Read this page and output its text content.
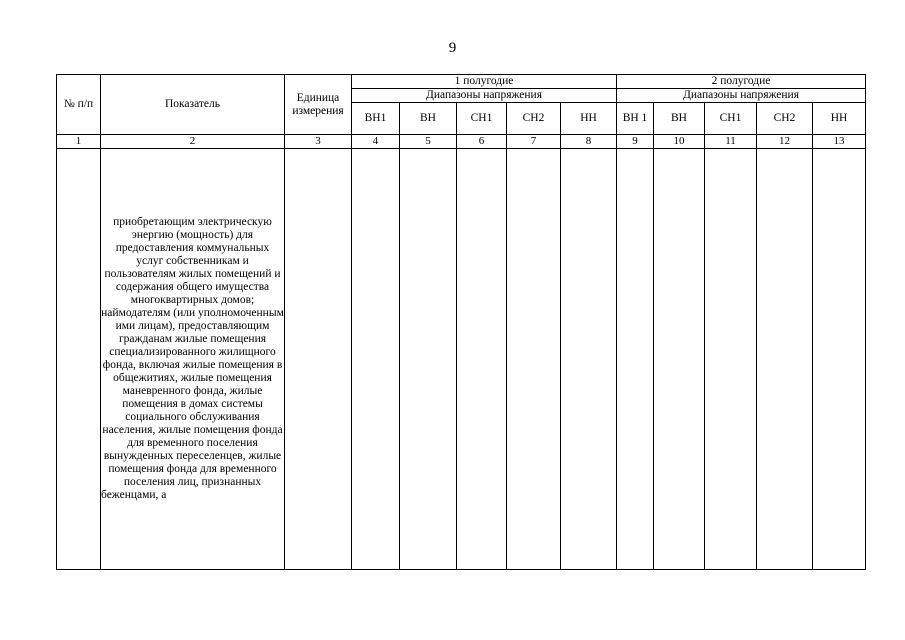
9
№ п/п	Показатель	Единица измерения	1 полугодие					2 полугодие				
			Диапазоны напряжения					Диапазоны напряжения				
			ВН1	ВН	СН1	СН2	НН	ВН 1	ВН	СН1	СН2	НН
1	2	3	4	5	6	7	8	9	10	11	12	13
	приобретающим электрическую энергию (мощность) для предоставления коммунальных услуг собственникам и пользователям жилых помещений и содержания общего имущества многоквартирных домов; наймодателям (или уполномоченным ими лицам), предоставляющим гражданам жилые помещения специализированного жилищного фонда, включая жилые помещения в общежитиях, жилые помещения маневренного фонда, жилые помещения в домах системы социального обслуживания населения, жилые помещения фонда для временного поселения вынужденных переселенцев, жилые помещения фонда для временного поселения лиц, признанных беженцами, а											
